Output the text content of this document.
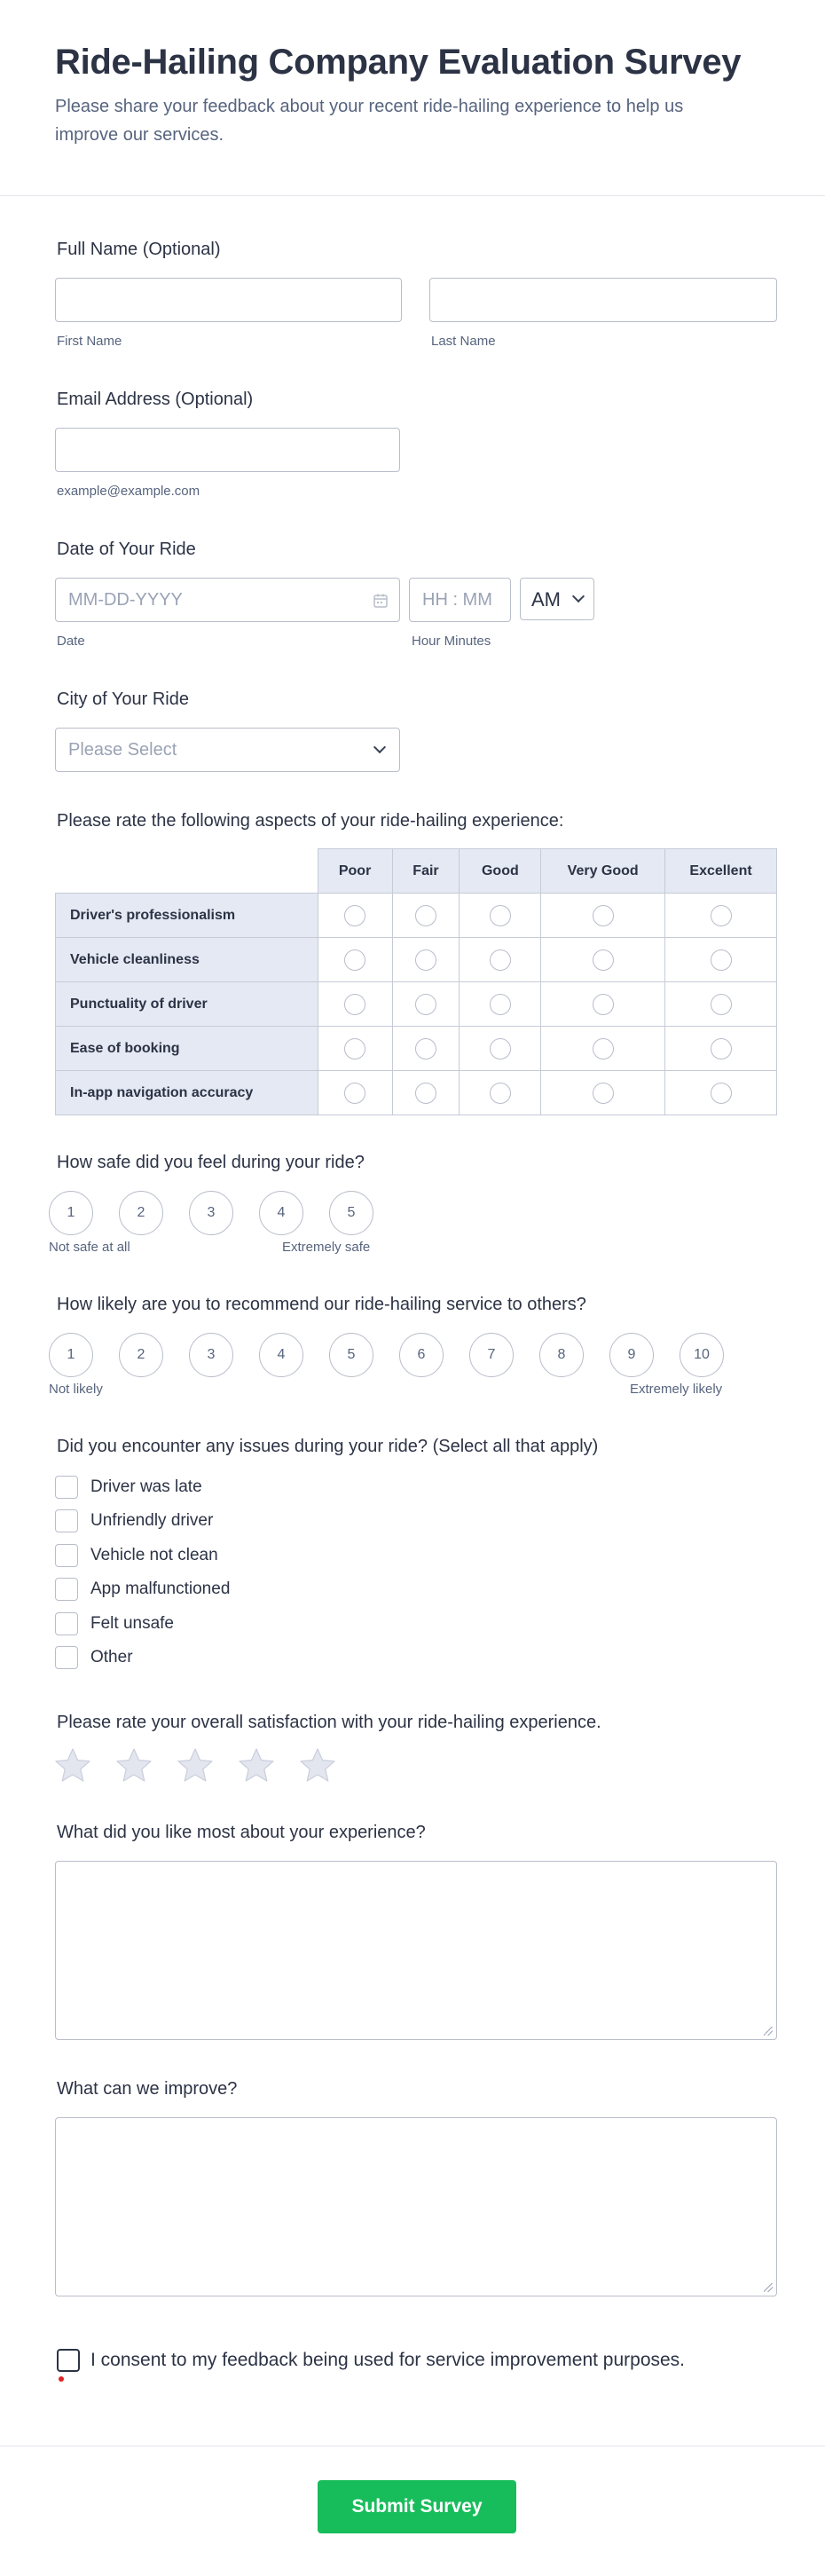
Ride-Hailing Company Evaluation Survey

Please share your feedback about your recent ride-hailing experience to help us improve our services.

Full Name (Optional)
First Name	Last Name
Email Address (Optional)
example@example.com
Date of Your Ride
MM-DD-YYYY	HH : MM AM
Date	Hour Minutes
City of Your Ride
Please Select
Please rate the following aspects of your ride-hailing experience:
	Poor	Fair	Good	Very Good	Excellent
Driver's professionalism					
Vehicle cleanliness					
Punctuality of driver					
Ease of booking					
In-app navigation accuracy					
How safe did you feel during your ride?
1	2	3	4	5
Not safe at all	Extremely safe
How likely are you to recommend our ride-hailing service to others?
1	2	3	4	5	6	7	8	9	10
Not likely	Extremely likely
Did you encounter any issues during your ride? (Select all that apply)
Driver was late
Unfriendly driver
Vehicle not clean
App malfunctioned
Felt unsafe
Other
Please rate your overall satisfaction with your ride-hailing experience.
What did you like most about your experience?
What can we improve?
I consent to my feedback being used for service improvement purposes.
Submit Survey
